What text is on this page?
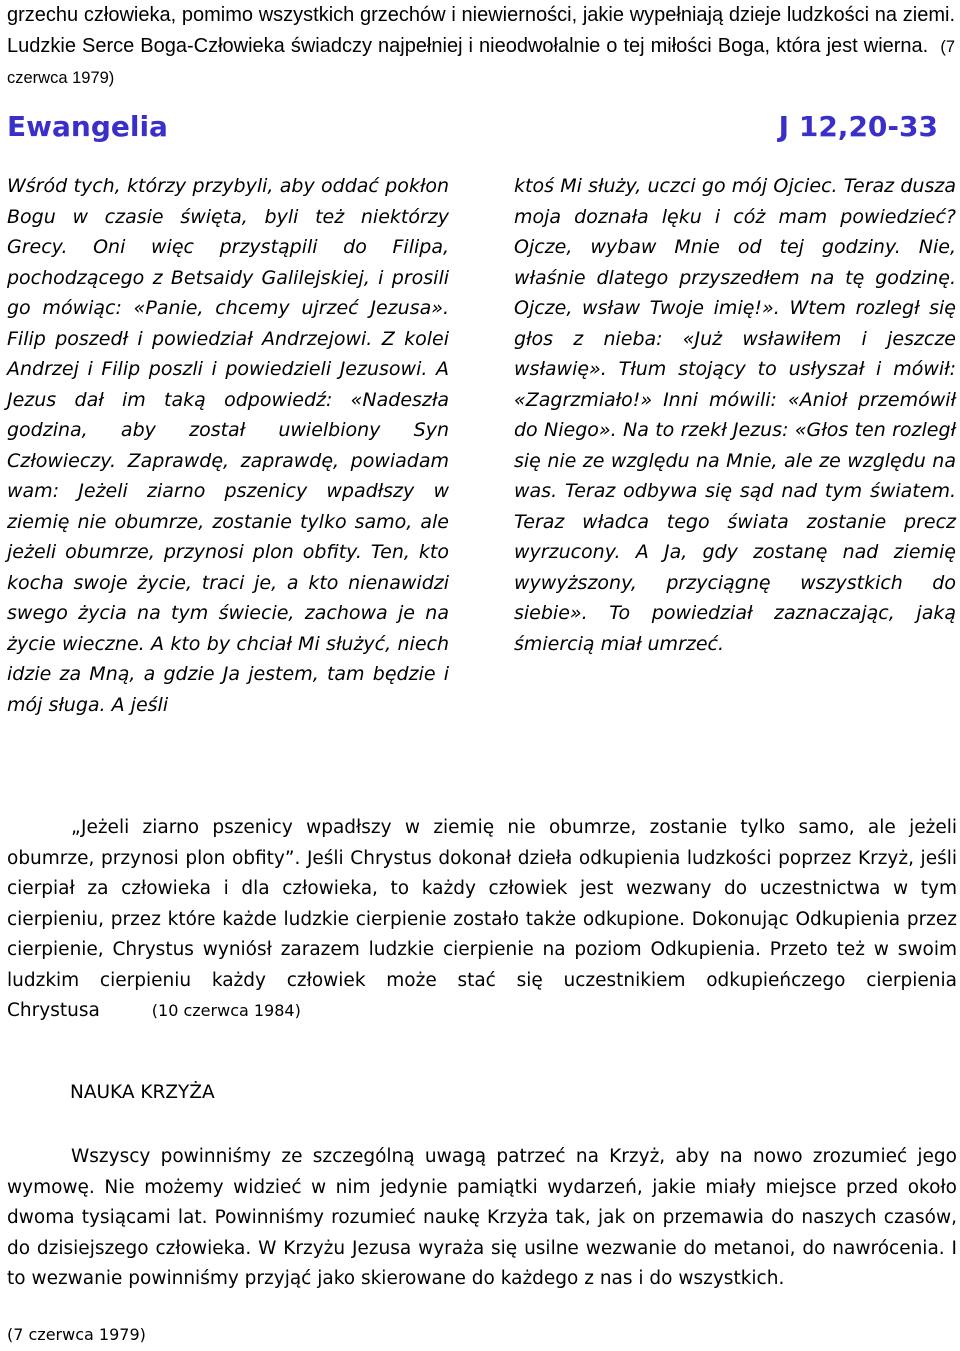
grzechu człowieka, pomimo wszystkich grzechów i niewierności, jakie wypełniają dzieje ludzkości na ziemi. Ludzkie Serce Boga-Człowieka świadczy najpełniej i nieodwołalnie o tej miłości Boga, która jest wierna. (7 czerwca 1979)
Ewangelia	J 12,20-33
Wśród tych, którzy przybyli, aby oddać pokłon Bogu w czasie święta, byli też niektórzy Grecy. Oni więc przystąpili do Filipa, pochodzącego z Betsaidy Galilejskiej, i prosili go mówiąc: «Panie, chcemy ujrzeć Jezusa». Filip poszedł i powiedział Andrzejowi. Z kolei Andrzej i Filip poszli i powiedzieli Jezusowi. A Jezus dał im taką odpowiedź: «Nadeszła godzina, aby został uwielbiony Syn Człowieczy. Zaprawdę, zaprawdę, powiadam wam: Jeżeli ziarno pszenicy wpadłszy w ziemię nie obumrze, zostanie tylko samo, ale jeżeli obumrze, przynosi plon obfity. Ten, kto kocha swoje życie, traci je, a kto nienawidzi swego życia na tym świecie, zachowa je na życie wieczne. A kto by chciał Mi służyć, niech idzie za Mną, a gdzie Ja jestem, tam będzie i mój sługa. A jeśli
ktoś Mi służy, uczci go mój Ojciec. Teraz dusza moja doznała lęku i cóż mam powiedzieć? Ojcze, wybaw Mnie od tej godziny. Nie, właśnie dlatego przyszedłem na tę godzinę. Ojcze, wsław Twoje imię!». Wtem rozległ się głos z nieba: «Już wsławiłem i jeszcze wsławię». Tłum stojący to usłyszał i mówił: «Zagrzmiało!» Inni mówili: «Anioł przemówił do Niego». Na to rzekł Jezus: «Głos ten rozległ się nie ze względu na Mnie, ale ze względu na was. Teraz odbywa się sąd nad tym światem. Teraz władca tego świata zostanie precz wyrzucony. A Ja, gdy zostanę nad ziemię wywyższony, przyciągnę wszystkich do siebie». To powiedział zaznaczając, jaką śmiercią miał umrzeć.
„Jeżeli ziarno pszenicy wpadłszy w ziemię nie obumrze, zostanie tylko samo, ale jeżeli obumrze, przynosi plon obfity”. Jeśli Chrystus dokonał dzieła odkupienia ludzkości poprzez Krzyż, jeśli cierpiał za człowieka i dla człowieka, to każdy człowiek jest wezwany do uczestnictwa w tym cierpieniu, przez które każde ludzkie cierpienie zostało także odkupione. Dokonując Odkupienia przez cierpienie, Chrystus wyniósł zarazem ludzkie cierpienie na poziom Odkupienia. Przeto też w swoim ludzkim cierpieniu każdy człowiek może stać się uczestnikiem odkupieńczego cierpienia Chrystusa	(10 czerwca 1984)
NAUKA KRZYŻA
Wszyscy powinniśmy ze szczególną uwagą patrzeć na Krzyż, aby na nowo zrozumieć jego wymowę. Nie możemy widzieć w nim jedynie pamiątki wydarzeń, jakie miały miejsce przed około dwoma tysiącami lat. Powinniśmy rozumieć naukę Krzyża tak, jak on przemawia do naszych czasów, do dzisiejszego człowieka. W Krzyżu Jezusa wyraża się usilne wezwanie do metanoi, do nawrócenia. I to wezwanie powinniśmy przyjąć jako skierowane do każdego z nas i do wszystkich.
(7 czerwca 1979)
